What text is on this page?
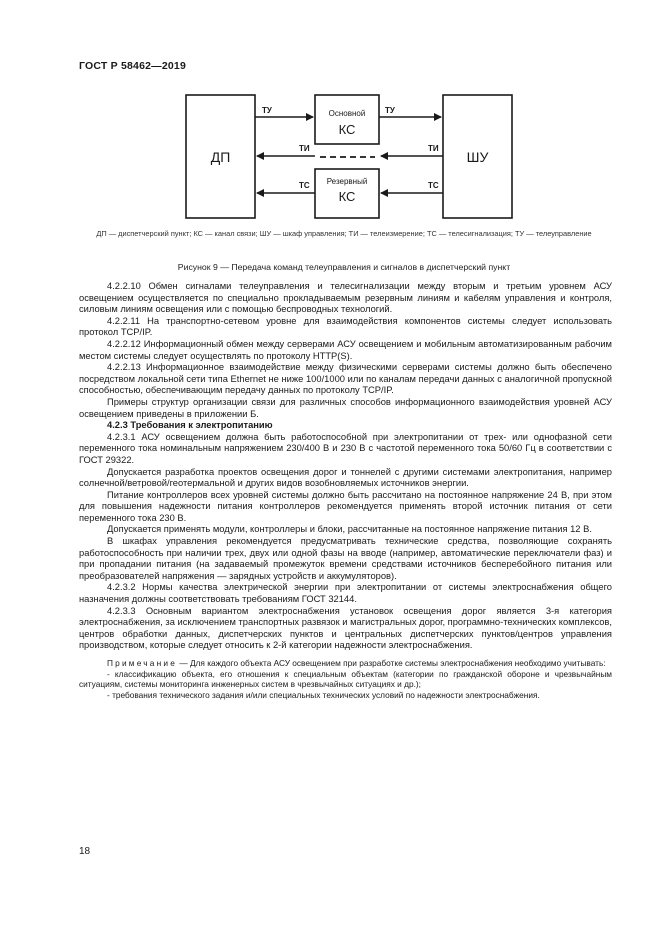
ГОСТ Р 58462—2019
ДП	ШУ
Основной
КС
Резервный
КС
ТУ	ТУ
ТИ	ТИ
ТС	ТС
ДП — диспетчерский пункт; КС — канал связи; ШУ — шкаф управления; ТИ — телеизмерение; ТС — телесигнализация; ТУ — телеуправление
Рисунок 9 — Передача команд телеуправления и сигналов в диспетчерский пункт

4.2.2.10 Обмен сигналами телеуправления и телесигнализации между вторым и третьим уровнем АСУ освещением осуществляется по специально прокладываемым резервным линиям и кабелям управления и контроля, силовым линиям освещения или с помощью беспроводных технологий.

4.2.2.11 На транспортно-сетевом уровне для взаимодействия компонентов системы следует использовать протокол TCP/IP.

4.2.2.12 Информационный обмен между серверами АСУ освещением и мобильным автоматизированным рабочим местом системы следует осуществлять по протоколу HTTP(S).

4.2.2.13 Информационное взаимодействие между физическими серверами системы должно быть обеспечено посредством локальной сети типа Ethernet не ниже 100/1000 или по каналам передачи данных с аналогичной пропускной способностью, обеспечивающим передачу данных по протоколу TCP/IP.

Примеры структур организации связи для различных способов информационного взаимодействия уровней АСУ освещением приведены в приложении Б.

4.2.3 Требования к электропитанию

4.2.3.1 АСУ освещением должна быть работоспособной при электропитании от трех- или однофазной сети переменного тока номинальным напряжением 230/400 В и 230 В с частотой переменного тока 50/60 Гц в соответствии с ГОСТ 29322.

Допускается разработка проектов освещения дорог и тоннелей с другими системами электропитания, например солнечной/ветровой/геотермальной и других видов возобновляемых источников энергии.

Питание контроллеров всех уровней системы должно быть рассчитано на постоянное напряжение 24 В, при этом для повышения надежности питания контроллеров рекомендуется применять второй источник питания от сети переменного тока 230 В.

Допускается применять модули, контроллеры и блоки, рассчитанные на постоянное напряжение питания 12 В.

В шкафах управления рекомендуется предусматривать технические средства, позволяющие сохранять работоспособность при наличии трех, двух или одной фазы на вводе (например, автоматические переключатели фаз) и при пропадании питания (на задаваемый промежуток времени средствами источников бесперебойного питания или преобразователей напряжения — зарядных устройств и аккумуляторов).

4.2.3.2 Нормы качества электрической энергии при электропитании от системы электроснабжения общего назначения должны соответствовать требованиям ГОСТ 32144.

4.2.3.3 Основным вариантом электроснабжения установок освещения дорог является 3-я категория электроснабжения, за исключением транспортных развязок и магистральных дорог, программно-технических комплексов, центров обработки данных, диспетчерских пунктов и центральных диспетчерских пунктов/центров управления производством, которые следует относить к 2-й категории надежности электроснабжения.

Примечание — Для каждого объекта АСУ освещением при разработке системы электроснабжения необходимо учитывать:

- классификацию объекта, его отношения к специальным объектам (категории по гражданской обороне и чрезвычайным ситуациям, системы мониторинга инженерных систем в чрезвычайных ситуациях и др.);

- требования технического задания и/или специальных технических условий по надежности электроснабжения.

18
